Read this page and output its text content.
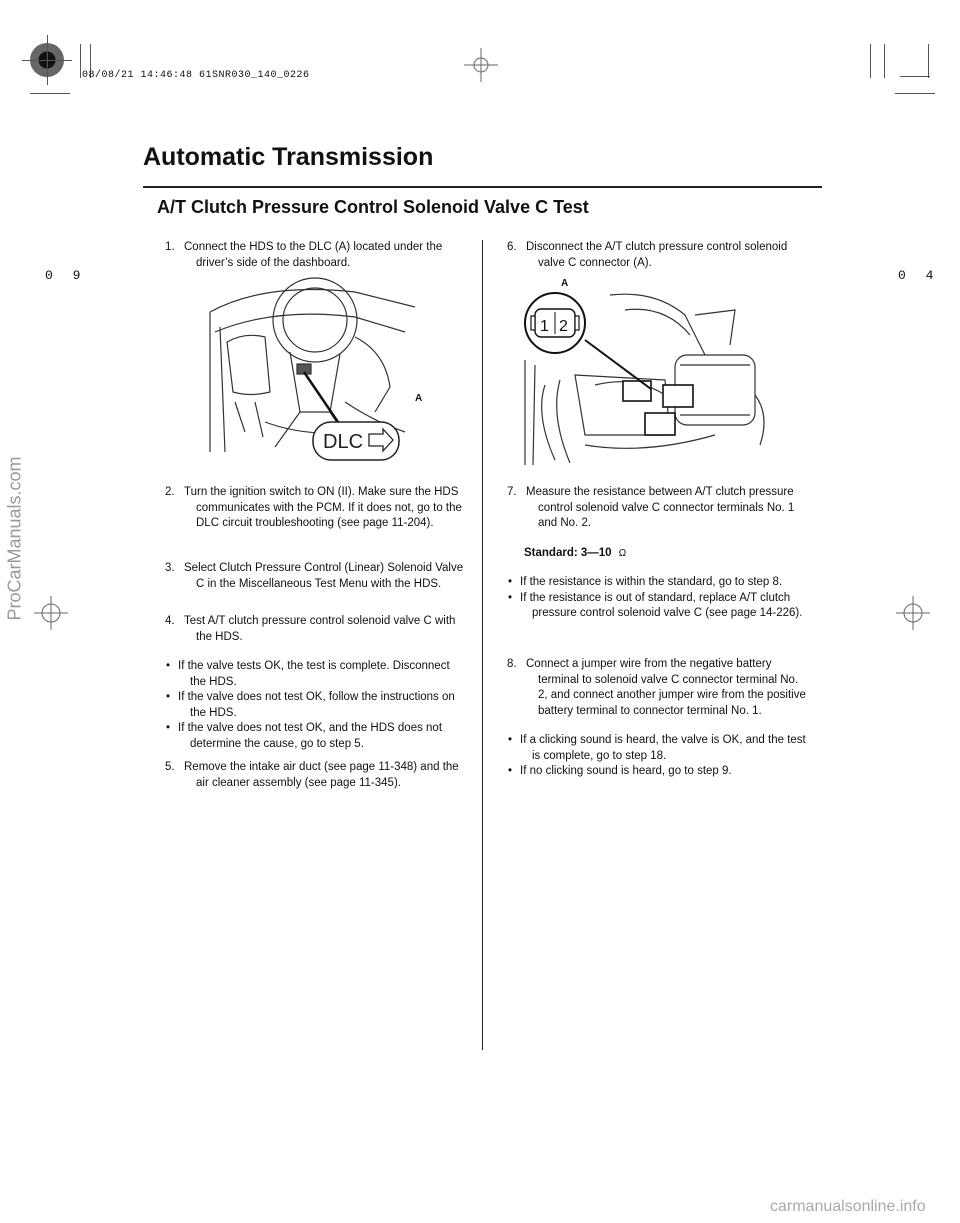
08/08/21 14:46:48 61SNR030_140_0226
0 9	0 4
ProCarManuals.com
carmanualsonline.info
Automatic Transmission
A/T Clutch Pressure Control Solenoid Valve C Test
1. Connect the HDS to the DLC (A) located under the driver’s side of the dashboard.
DLC
A
2. Turn the ignition switch to ON (II). Make sure the HDS communicates with the PCM. If it does not, go to the DLC circuit troubleshooting (see page 11-204).
3. Select Clutch Pressure Control (Linear) Solenoid Valve C in the Miscellaneous Test Menu with the HDS.
4. Test A/T clutch pressure control solenoid valve C with the HDS.
• If the valve tests OK, the test is complete. Disconnect the HDS.
• If the valve does not test OK, follow the instructions on the HDS.
• If the valve does not test OK, and the HDS does not determine the cause, go to step 5.
5. Remove the intake air duct (see page 11-348) and the air cleaner assembly (see page 11-345).
6. Disconnect the A/T clutch pressure control solenoid valve C connector (A).
1 2
A
7. Measure the resistance between A/T clutch pressure control solenoid valve C connector terminals No. 1 and No. 2.
Standard: 3—10 Ω
• If the resistance is within the standard, go to step 8.
• If the resistance is out of standard, replace A/T clutch pressure control solenoid valve C (see page 14-226).
8. Connect a jumper wire from the negative battery terminal to solenoid valve C connector terminal No. 2, and connect another jumper wire from the positive battery terminal to connector terminal No. 1.
• If a clicking sound is heard, the valve is OK, and the test is complete, go to step 18.
• If no clicking sound is heard, go to step 9.
